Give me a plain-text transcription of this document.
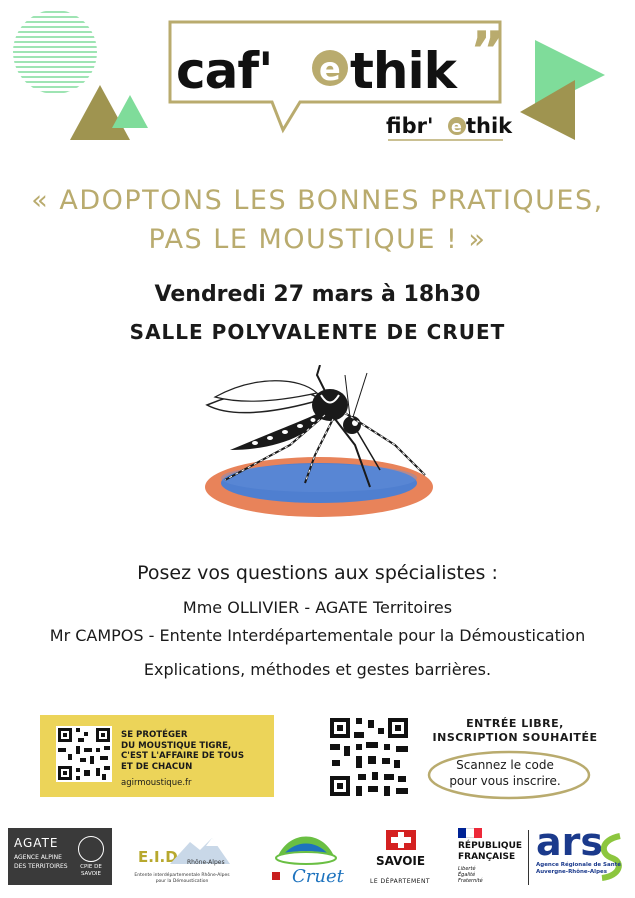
”
caf' e thik
fibr' e thik
« ADOPTONS LES BONNES PRATIQUES,
PAS LE MOUSTIQUE ! »
Vendredi 27 mars à 18h30
SALLE POLYVALENTE DE CRUET
Posez vos questions aux spécialistes :
Mme OLLIVIER - AGATE Territoires
Mr CAMPOS - Entente Interdépartementale pour la Démoustication
Explications, méthodes et gestes barrières.
SE PROTÉGER
DU MOUSTIQUE TIGRE,
C'EST L'AFFAIRE DE TOUS
ET DE CHACUN
agirmoustique.fr
ENTRÉE LIBRE,
INSCRIPTION SOUHAITÉE
Scannez le code
pour vous inscrire.
AGATE
AGENCE ALPINE
DES TERRITOIRES	CPIE DE
SAVOIE
E.I.D Rhône-Alpes
Entente interdépartementale Rhône-Alpes
pour la Démoustication	Cruet
SAVOIE
LE DÉPARTEMENT
RÉPUBLIQUE
FRANÇAISE
Liberté
Égalité
Fraternité
ars
Agence Régionale de Santé
Auvergne-Rhône-Alpes
